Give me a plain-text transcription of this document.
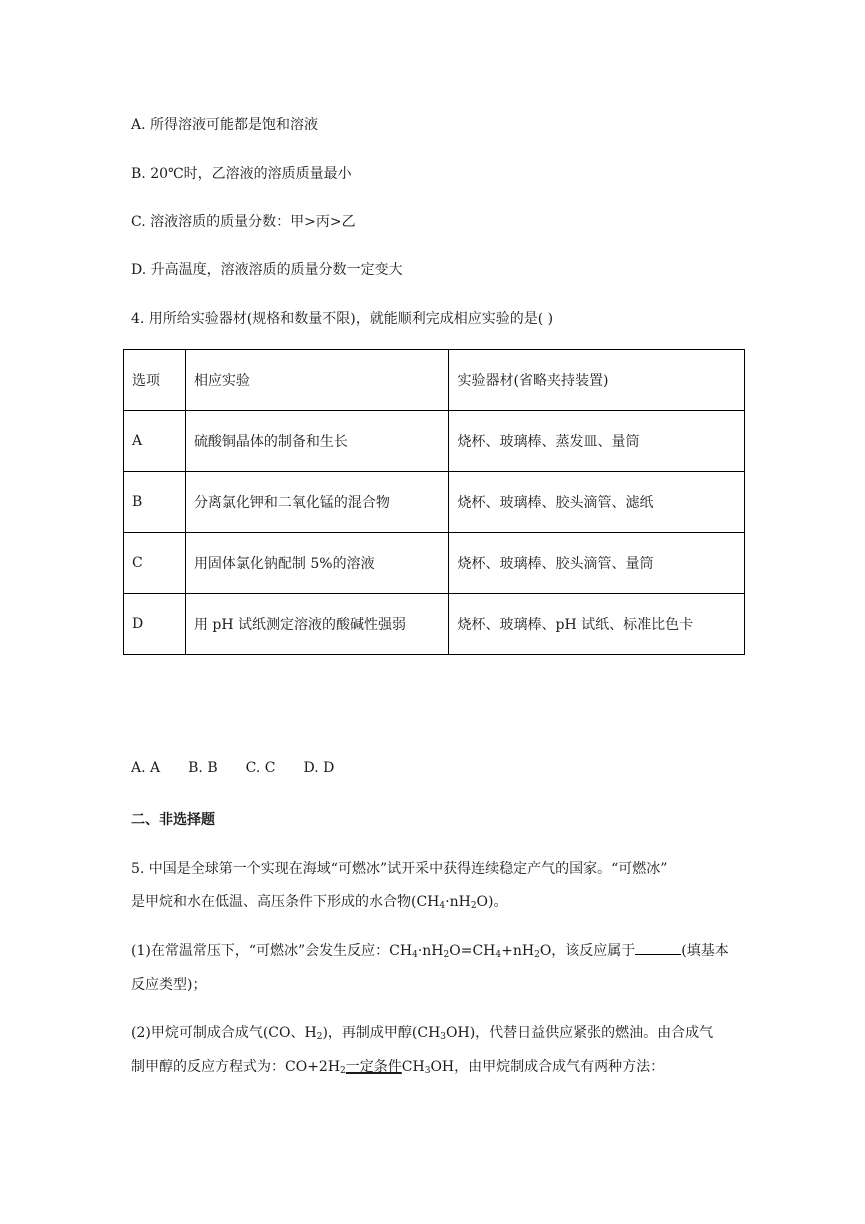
A. 所得溶液可能都是饱和溶液
B. 20℃时，乙溶液的溶质质量最小
C. 溶液溶质的质量分数：甲>丙>乙
D. 升高温度，溶液溶质的质量分数一定变大
4. 用所给实验器材(规格和数量不限)，就能顺利完成相应实验的是( )
选项	相应实验	实验器材(省略夹持装置)
A	硫酸铜晶体的制备和生长	烧杯、玻璃棒、蒸发皿、量筒
B	分离氯化钾和二氧化锰的混合物	烧杯、玻璃棒、胶头滴管、滤纸
C	用固体氯化钠配制 5%的溶液	烧杯、玻璃棒、胶头滴管、量筒
D	用 pH 试纸测定溶液的酸碱性强弱	烧杯、玻璃棒、pH 试纸、标准比色卡
A. A B. B C. C D. D
二、非选择题
5. 中国是全球第一个实现在海域“可燃冰”试开采中获得连续稳定产气的国家。“可燃冰”
是甲烷和水在低温、高压条件下形成的水合物$(CH_4\cdot nH_2O)$。
(1)在常温常压下，“可燃冰”会发生反应：$CH_4\cdot nH_2O=CH_4+nH_2O$，该反应属于	(填基本
反应类型)；
(2)甲烷可制成合成气(CO、$H_2$)，再制成甲醇$(CH_3OH)$，代替日益供应紧张的燃油。由合成气
制甲醇的反应方程式为：$CO+2H_2$一定条件$CH_3OH$，由甲烷制成合成气有两种方法：
